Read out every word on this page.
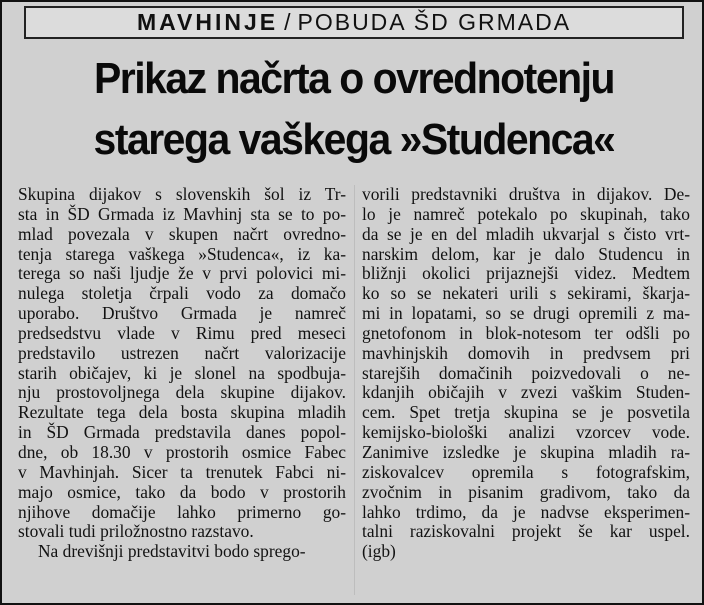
MAVHINJE / POBUDA ŠD GRMADA
Prikaz načrta o ovrednotenju
starega vaškega »Studenca«
Skupina dijakov s slovenskih šol iz Tr-
sta in ŠD Grmada iz Mavhinj sta se to po-
mlad povezala v skupen načrt ovredno-
tenja starega vaškega »Studenca«, iz ka-
terega so naši ljudje že v prvi polovici mi-
nulega stoletja črpali vodo za domačo
uporabo. Društvo Grmada je namreč
predsedstvu vlade v Rimu pred meseci
predstavilo ustrezen načrt valorizacije
starih običajev, ki je slonel na spodbuja-
nju prostovoljnega dela skupine dijakov.
Rezultate tega dela bosta skupina mladih
in ŠD Grmada predstavila danes popol-
dne, ob 18.30 v prostorih osmice Fabec
v Mavhinjah. Sicer ta trenutek Fabci ni-
majo osmice, tako da bodo v prostorih
njihove domačije lahko primerno go-
stovali tudi priložnostno razstavo.
Na drevišnji predstavitvi bodo sprego-
vorili predstavniki društva in dijakov. De-
lo je namreč potekalo po skupinah, tako
da se je en del mladih ukvarjal s čisto vrt-
narskim delom, kar je dalo Studencu in
bližnji okolici prijaznejši videz. Medtem
ko so se nekateri urili s sekirami, škarja-
mi in lopatami, so se drugi opremili z ma-
gnetofonom in blok-notesom ter odšli po
mavhinjskih domovih in predvsem pri
starejših domačinih poizvedovali o ne-
kdanjih običajih v zvezi vaškim Studen-
cem. Spet tretja skupina se je posvetila
kemijsko-biološki analizi vzorcev vode.
Zanimive izsledke je skupina mladih ra-
ziskovalcev opremila s fotografskim,
zvočnim in pisanim gradivom, tako da
lahko trdimo, da je nadvse eksperimen-
talni raziskovalni projekt še kar uspel.
(igb)
